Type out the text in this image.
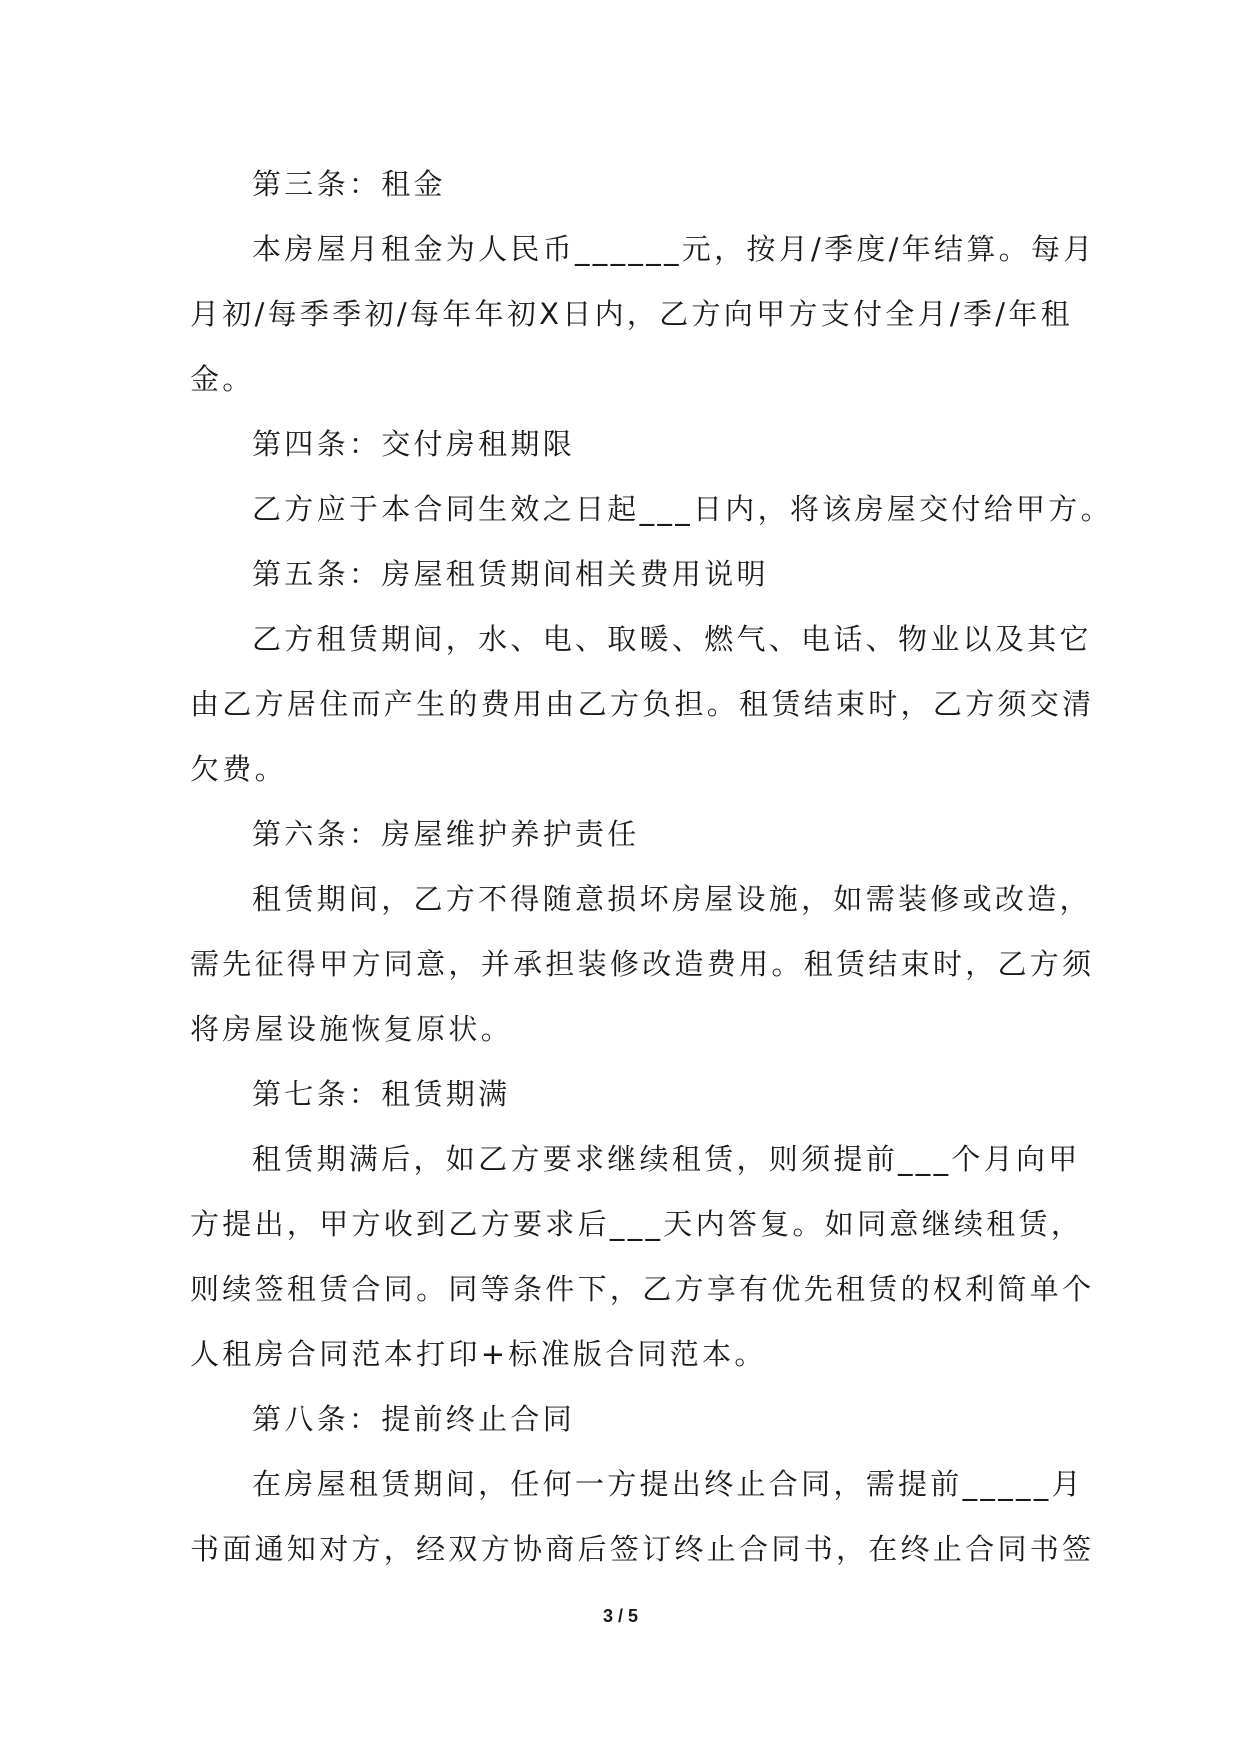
第三条：租金

本房屋月租金为人民币______元，按月/季度/年结算。每月

月初/每季季初/每年年初X日内，乙方向甲方支付全月/季/年租

金。

第四条：交付房租期限

乙方应于本合同生效之日起___日内，将该房屋交付给甲方。

第五条：房屋租赁期间相关费用说明

乙方租赁期间，水、电、取暖、燃气、电话、物业以及其它

由乙方居住而产生的费用由乙方负担。租赁结束时，乙方须交清

欠费。

第六条：房屋维护养护责任

租赁期间，乙方不得随意损坏房屋设施，如需装修或改造，

需先征得甲方同意，并承担装修改造费用。租赁结束时，乙方须

将房屋设施恢复原状。

第七条：租赁期满

租赁期满后，如乙方要求继续租赁，则须提前___个月向甲

方提出，甲方收到乙方要求后___天内答复。如同意继续租赁，

则续签租赁合同。同等条件下，乙方享有优先租赁的权利简单个

人租房合同范本打印+标准版合同范本。

第八条：提前终止合同

在房屋租赁期间，任何一方提出终止合同，需提前_____月

书面通知对方，经双方协商后签订终止合同书，在终止合同书签

3 / 5
